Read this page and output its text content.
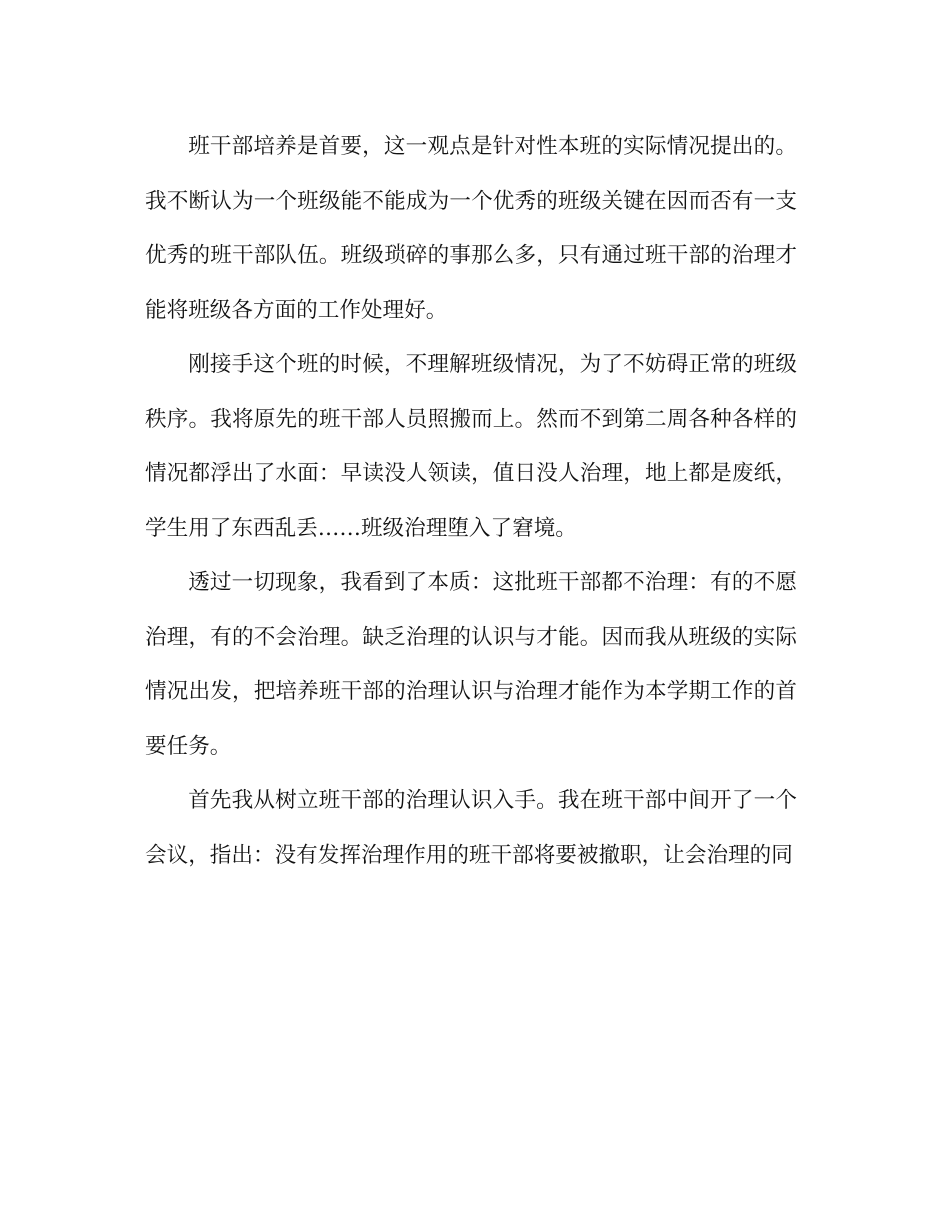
班干部培养是首要，这一观点是针对性本班的实际情况提出的。我不断认为一个班级能不能成为一个优秀的班级关键在因而否有一支优秀的班干部队伍。班级琐碎的事那么多，只有通过班干部的治理才能将班级各方面的工作处理好。

刚接手这个班的时候，不理解班级情况，为了不妨碍正常的班级秩序。我将原先的班干部人员照搬而上。然而不到第二周各种各样的情况都浮出了水面：早读没人领读，值日没人治理，地上都是废纸，学生用了东西乱丢……班级治理堕入了窘境。

透过一切现象，我看到了本质：这批班干部都不治理：有的不愿治理，有的不会治理。缺乏治理的认识与才能。因而我从班级的实际情况出发，把培养班干部的治理认识与治理才能作为本学期工作的首要任务。

首先我从树立班干部的治理认识入手。我在班干部中间开了一个会议，指出：没有发挥治理作用的班干部将要被撤职，让会治理的同
